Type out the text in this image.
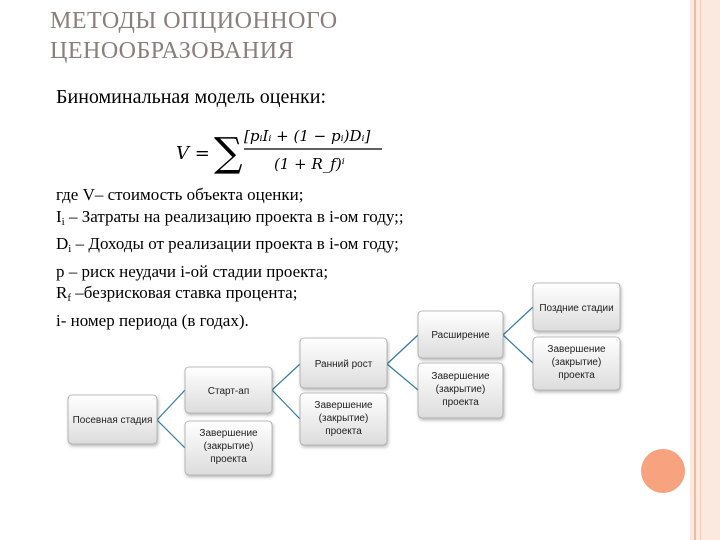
МЕТОДЫ ОПЦИОННОГО
ЦЕНООБРАЗОВАНИЯ
Биноминальная модель оценки:
V = ∑ [pᵢIᵢ + (1 − pᵢ)Dᵢ]
(1 + R_f)ⁱ
где V– стоимость объекта оценки;
$I_i$ – Затраты на реализацию проекта в i-ом году;;
$D_i$ – Доходы от реализации проекта в i-ом году;
р – риск неудачи i-ой стадии проекта;
$R_f$ –безрисковая ставка процента;
i- номер периода (в годах).
Посевная стадия
Старт-ап
Завершение
(закрытие)
проекта
Ранний рост
Завершение
(закрытие)
проекта
Расширение
Завершение
(закрытие)
проекта
Поздние стадии
Завершение
(закрытие)
проекта
